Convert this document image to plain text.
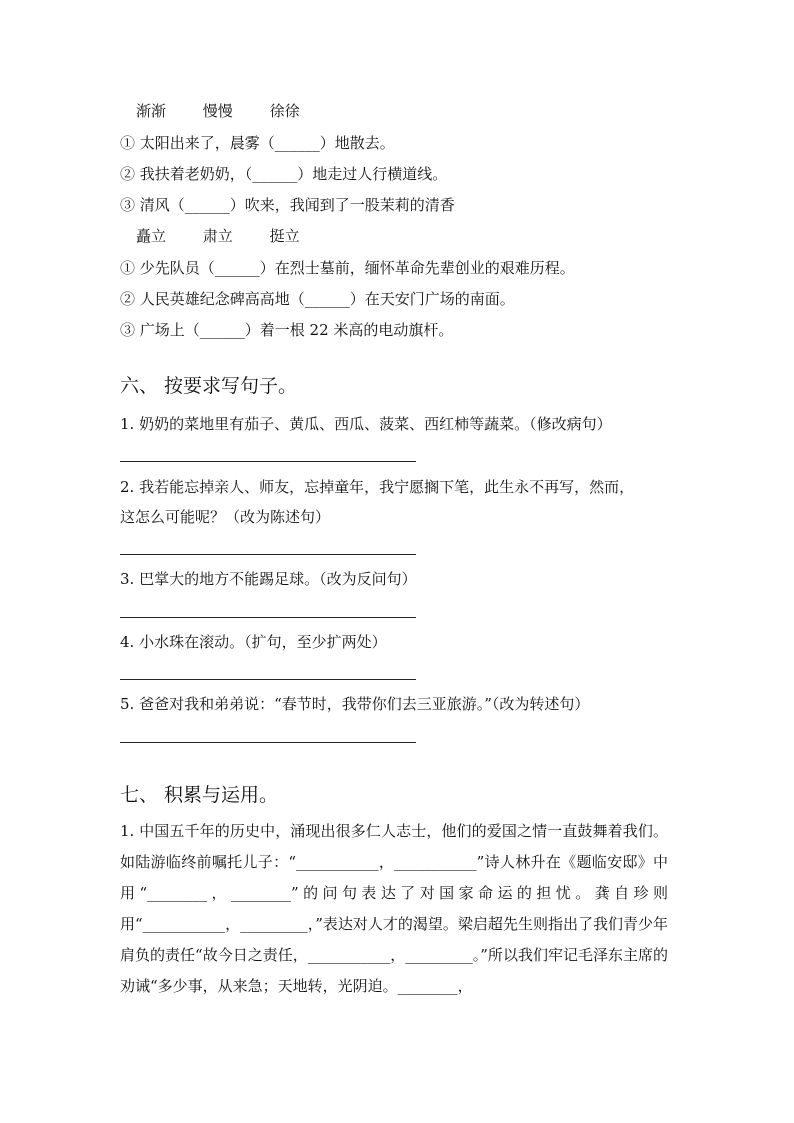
渐渐 慢慢 徐徐
① 太阳出来了，晨雾（______）地散去。
② 我扶着老奶奶，（______）地走过人行横道线。
③ 清风（______）吹来，我闻到了一股茉莉的清香
矗立 肃立 挺立
① 少先队员（______）在烈士墓前，缅怀革命先辈创业的艰难历程。
② 人民英雄纪念碑高高地（______）在天安门广场的南面。
③ 广场上（______）着一根 22 米高的电动旗杆。
六、 按要求写句子。
1. 奶奶的菜地里有茄子、黄瓜、西瓜、菠菜、西红柿等蔬菜。（修改病句）
2. 我若能忘掉亲人、师友，忘掉童年，我宁愿搁下笔，此生永不再写，然而，
这怎么可能呢？（改为陈述句）
3. 巴掌大的地方不能踢足球。（改为反问句）
4. 小水珠在滚动。（扩句，至少扩两处）
5. 爸爸对我和弟弟说：“春节时，我带你们去三亚旅游。”（改为转述句）
七、 积累与运用。
1. 中国五千年的历史中，涌现出很多仁人志士，他们的爱国之情一直鼓舞着我们。如陆游临终前嘱托儿子：“___________，___________”诗人林升在《题临安邸》中用“________，________”的问句表达了对国家命运的担忧。龚自珍则用“___________，_________，”表达对人才的渴望。梁启超先生则指出了我们青少年肩负的责任“故今日之责任，___________，_________。”所以我们牢记毛泽东主席的劝诫“多少事，从来急；天地转，光阴迫。________，
